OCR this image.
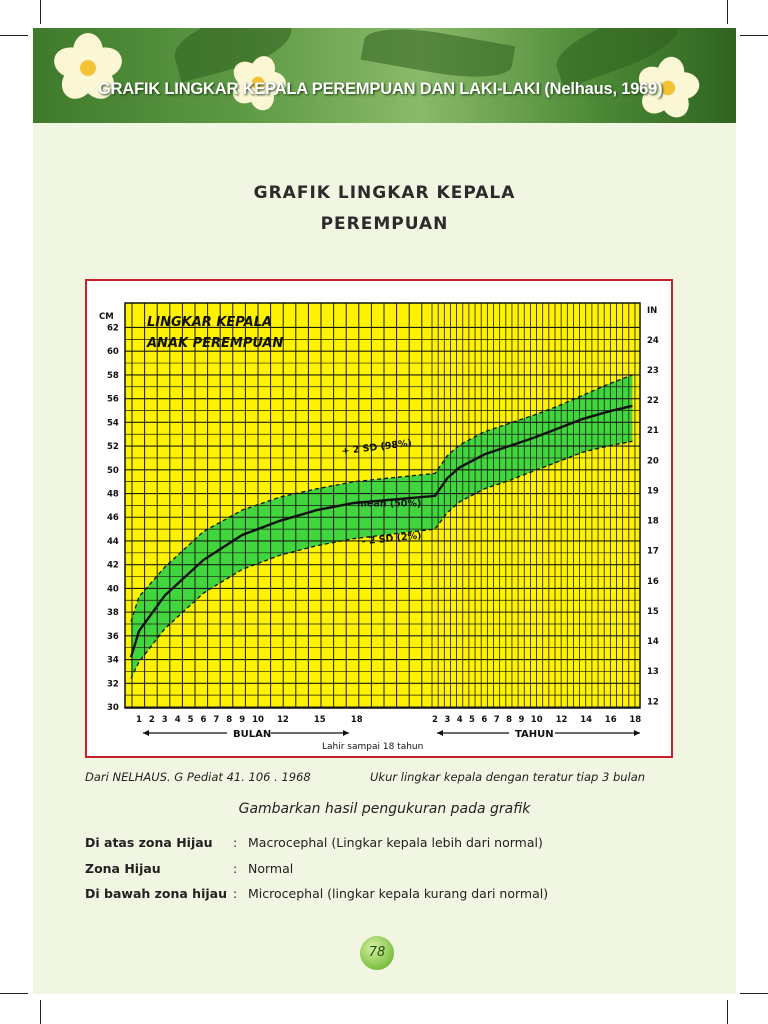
GRAFIK LINGKAR KEPALA PEREMPUAN DAN LAKI-LAKI (Nelhaus, 1969)
GRAFIK LINGKAR KEPALA
PEREMPUAN
CM
IN
30
32
34
36
38
40
42
44
46
48
50
52
54
56
58
60
62
12
13
14
15
16
17
18
19
20
21
22
23
24
1 2 3 4 5 6 7 8 9 10 12	15	18	2 3 4 5 6 7 8 9 10 12 14 16 18
BULAN	TAHUN
Lahir sampai 18 tahun
LINGKAR KEPALA
ANAK PEREMPUAN
+ 2 SD (98%)
mean (50%)
- 2 SD (2%)
Dari NELHAUS. G Pediat 41. 106 . 1968	Ukur lingkar kepala dengan teratur tiap 3 bulan
Gambarkan hasil pengukuran pada grafik
Di atas zona Hijau : Macrocephal (Lingkar kepala lebih dari normal)
Zona Hijau	: Normal
Di bawah zona hijau : Microcephal (lingkar kepala kurang dari normal)
78
